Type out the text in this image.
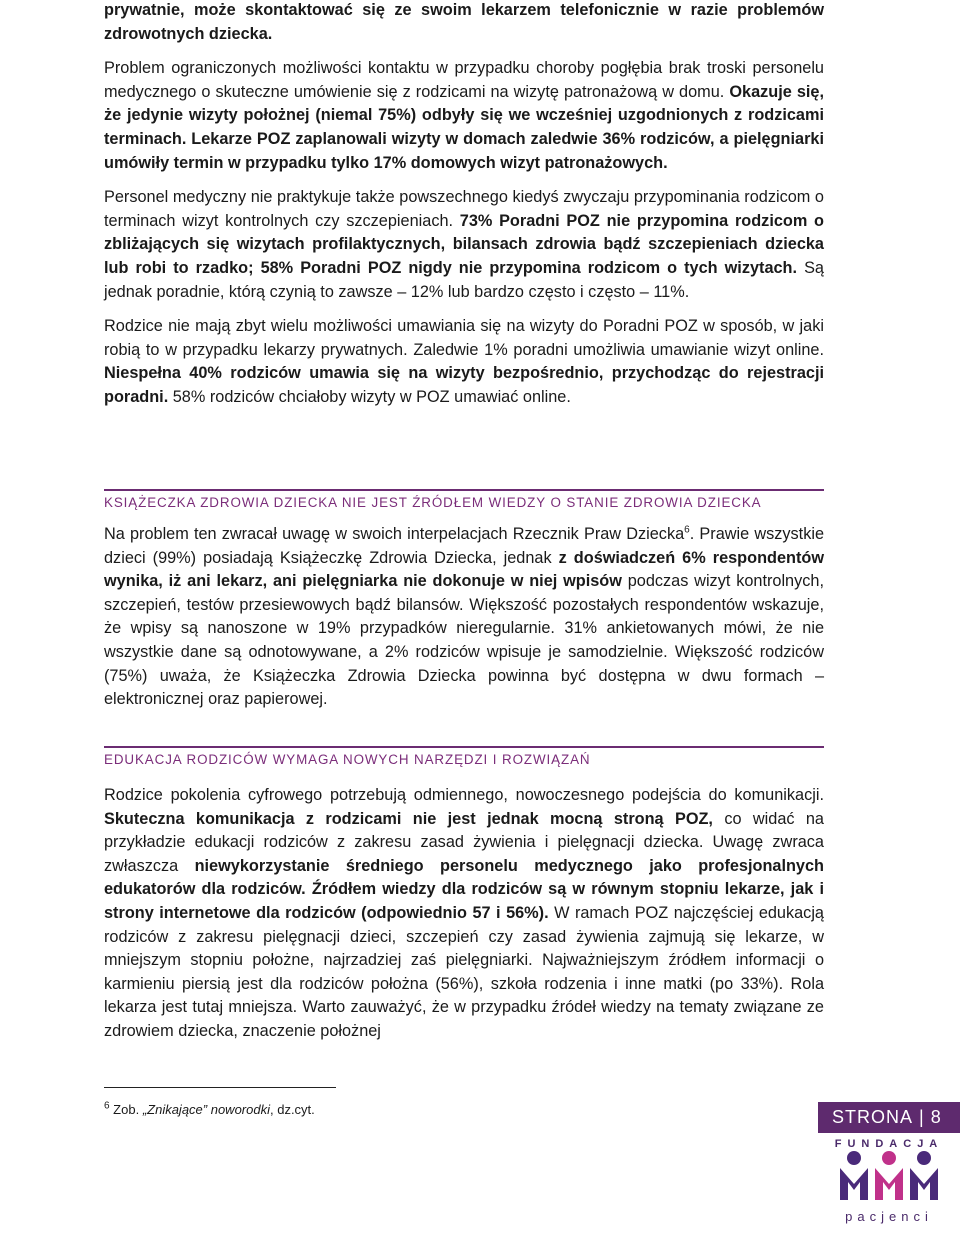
prywatnie, może skontaktować się ze swoim lekarzem telefonicznie w razie problemów zdrowotnych dziecka.

Problem ograniczonych możliwości kontaktu w przypadku choroby pogłębia brak troski personelu medycznego o skuteczne umówienie się z rodzicami na wizytę patronażową w domu. Okazuje się, że jedynie wizyty położnej (niemal 75%) odbyły się we wcześniej uzgodnionych z rodzicami terminach. Lekarze POZ zaplanowali wizyty w domach zaledwie 36% rodziców, a pielęgniarki umówiły termin w przypadku tylko 17% domowych wizyt patronażowych.

Personel medyczny nie praktykuje także powszechnego kiedyś zwyczaju przypominania rodzicom o terminach wizyt kontrolnych czy szczepieniach. 73% Poradni POZ nie przypomina rodzicom o zbliżających się wizytach profilaktycznych, bilansach zdrowia bądź szczepieniach dziecka lub robi to rzadko; 58% Poradni POZ nigdy nie przypomina rodzicom o tych wizytach. Są jednak poradnie, którą czynią to zawsze – 12% lub bardzo często i często – 11%.

Rodzice nie mają zbyt wielu możliwości umawiania się na wizyty do Poradni POZ w sposób, w jaki robią to w przypadku lekarzy prywatnych. Zaledwie 1% poradni umożliwia umawianie wizyt online. Niespełna 40% rodziców umawia się na wizyty bezpośrednio, przychodząc do rejestracji poradni. 58% rodziców chciałoby wizyty w POZ umawiać online.

KSIĄŻECZKA ZDROWIA DZIECKA NIE JEST ŹRÓDŁEM WIEDZY O STANIE ZDROWIA DZIECKA

Na problem ten zwracał uwagę w swoich interpelacjach Rzecznik Praw Dziecka$^6$. Prawie wszystkie dzieci (99%) posiadają Książeczkę Zdrowia Dziecka, jednak z doświadczeń 6% respondentów wynika, iż ani lekarz, ani pielęgniarka nie dokonuje w niej wpisów podczas wizyt kontrolnych, szczepień, testów przesiewowych bądź bilansów. Większość pozostałych respondentów wskazuje, że wpisy są nanoszone w 19% przypadków nieregularnie. 31% ankietowanych mówi, że nie wszystkie dane są odnotowywane, a 2% rodziców wpisuje je samodzielnie. Większość rodziców (75%) uważa, że Książeczka Zdrowia Dziecka powinna być dostępna w dwu formach – elektronicznej oraz papierowej.

EDUKACJA RODZICÓW WYMAGA NOWYCH NARZĘDZI I ROZWIĄZAŃ

Rodzice pokolenia cyfrowego potrzebują odmiennego, nowoczesnego podejścia do komunikacji. Skuteczna komunikacja z rodzicami nie jest jednak mocną stroną POZ, co widać na przykładzie edukacji rodziców z zakresu zasad żywienia i pielęgnacji dziecka. Uwagę zwraca zwłaszcza niewykorzystanie średniego personelu medycznego jako profesjonalnych edukatorów dla rodziców. Źródłem wiedzy dla rodziców są w równym stopniu lekarze, jak i strony internetowe dla rodziców (odpowiednio 57 i 56%). W ramach POZ najczęściej edukacją rodziców z zakresu pielęgnacji dzieci, szczepień czy zasad żywienia zajmują się lekarze, w mniejszym stopniu położne, najrzadziej zaś pielęgniarki. Najważniejszym źródłem informacji o karmieniu piersią jest dla rodziców położna (56%), szkoła rodzenia i inne matki (po 33%). Rola lekarza jest tutaj mniejsza. Warto zauważyć, że w przypadku źródeł wiedzy na tematy związane ze zdrowiem dziecka, znaczenie położnej

$^6$ Zob. „Znikające” noworodki, dz.cyt.	STRONA | 8
FUNDACJA
pacjenci
